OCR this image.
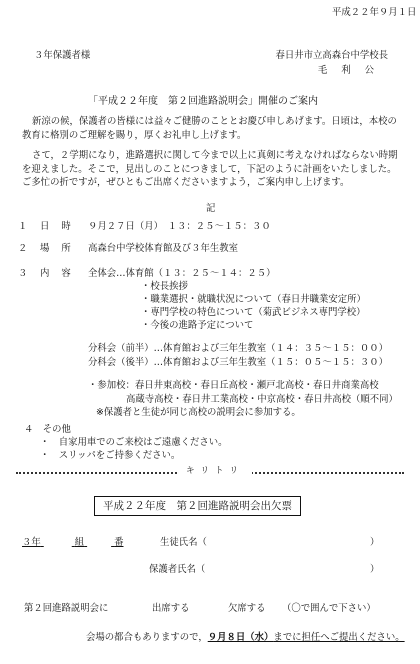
平成２２年９月１日
３年保護者様	春日井市立高森台中学校長
毛利公
「平成２２年度　第２回進路説明会」開催のご案内
新涼の候，保護者の皆様には益々ご健勝のこととお慶び申しあげます。日頃は，本校の教育に格別のご理解を賜り，厚くお礼申し上げます。
さて，２学期になり，進路選択に関して今まで以上に真剣に考えなければならない時期を迎えました。そこで，見出しのことにつきまして，下記のように計画をいたしました。ご多忙の折ですが，ぜひともご出席くださいますよう，ご案内申し上げます。
記
１ 日時 ９月２７日（月）　１３：２５～１５：３０
２ 場所 高森台中学校体育館及び３年生教室
３ 内容 全体会…体育館（１３：２５～１４：２５）
・校長挨拶
・職業選択・就職状況について（春日井職業安定所）
・専門学校の特色について（菊武ビジネス専門学校）
・今後の進路予定について
分科会（前半）…体育館および三年生教室（１４：３５～１５：００）
分科会（後半）…体育館および三年生教室（１５：０５～１５：３０）
・参加校：春日井東高校・春日丘高校・瀬戸北高校・春日井商業高校
高蔵寺高校・春日井工業高校・中京高校・春日井高校（順不同）
※保護者と生徒が同じ高校の説明会に参加する。
４　その他
・　自家用車でのご来校はご遠慮ください。
・　スリッパをご持参ください。
キリトリ
平成２２年度　第２回進路説明会出欠票
３年	組	番	生徒氏名（	）
保護者氏名（	）
第２回進路説明会に	出席する	欠席する （〇で囲んで下さい）
会場の都合もありますので，９月８日（水）までに担任へご提出ください。
